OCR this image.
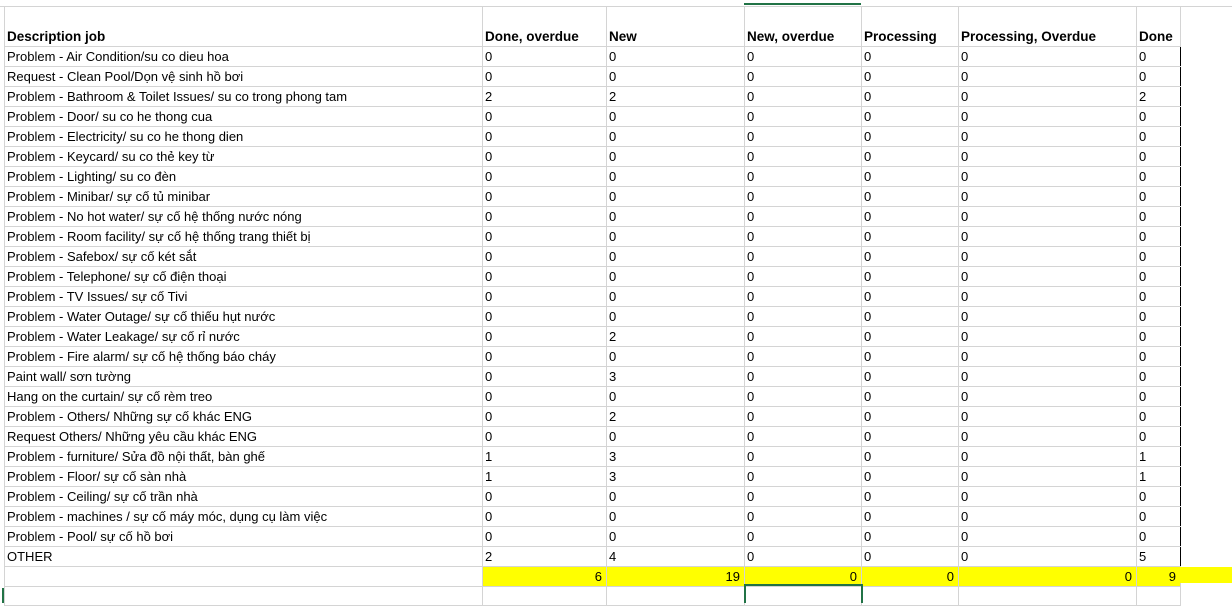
Description job	Done, overdue	New	New, overdue	Processing	Processing, Overdue	Done
Problem - Air Condition/su co dieu hoa	0	0	0	0	0	0
Request - Clean Pool/Dọn vệ sinh hồ bơi	0	0	0	0	0	0
Problem - Bathroom & Toilet Issues/ su co trong phong tam	2	2	0	0	0	2
Problem - Door/ su co he thong cua	0	0	0	0	0	0
Problem - Electricity/ su co he thong dien	0	0	0	0	0	0
Problem - Keycard/ su co thẻ key từ	0	0	0	0	0	0
Problem - Lighting/ su co đèn	0	0	0	0	0	0
Problem - Minibar/ sự cố tủ minibar	0	0	0	0	0	0
Problem - No hot water/ sự cố hệ thống nước nóng	0	0	0	0	0	0
Problem - Room facility/ sự cố hệ thống trang thiết bị	0	0	0	0	0	0
Problem - Safebox/ sự cố két sắt	0	0	0	0	0	0
Problem - Telephone/ sự cố điện thoại	0	0	0	0	0	0
Problem - TV Issues/ sự cố Tivi	0	0	0	0	0	0
Problem - Water Outage/ sự cố thiếu hụt nước	0	0	0	0	0	0
Problem - Water Leakage/ sự cố rỉ nước	0	2	0	0	0	0
Problem - Fire alarm/ sự cố hệ thống báo cháy	0	0	0	0	0	0
Paint wall/ sơn tường	0	3	0	0	0	0
Hang on the curtain/ sự cố rèm treo	0	0	0	0	0	0
Problem - Others/ Những sự cố khác ENG	0	2	0	0	0	0
Request Others/ Những yêu cầu khác ENG	0	0	0	0	0	0
Problem - furniture/ Sửa đồ nội thất, bàn ghế	1	3	0	0	0	1
Problem - Floor/ sự cố sàn nhà	1	3	0	0	0	1
Problem - Ceiling/ sự cố trần nhà	0	0	0	0	0	0
Problem - machines / sự cố máy móc, dụng cụ làm việc	0	0	0	0	0	0
Problem - Pool/ sự cố hồ bơi	0	0	0	0	0	0
OTHER	2	4	0	0	0	5
	6	19	0	0	0	9
